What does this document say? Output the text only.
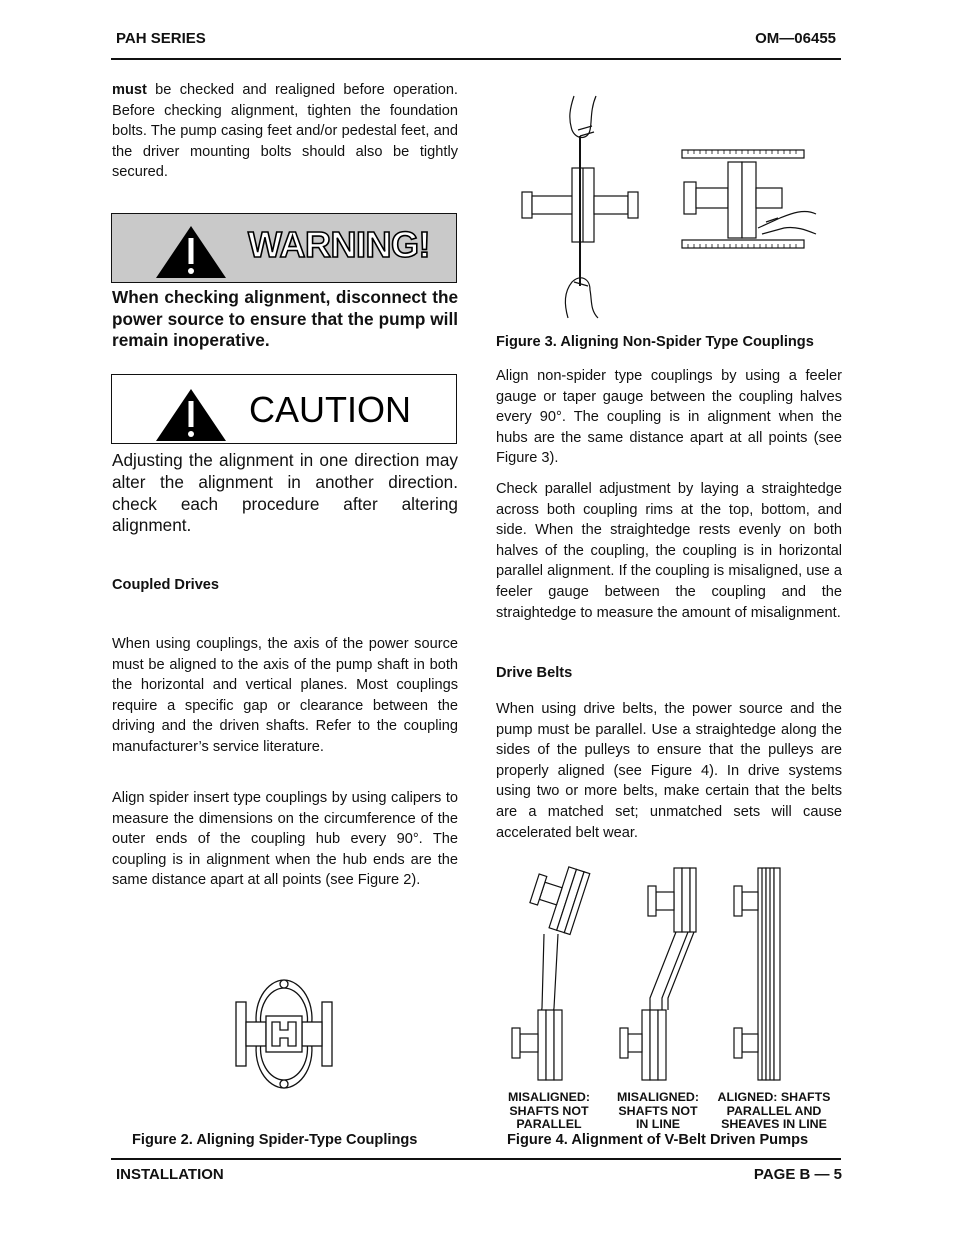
PAH SERIES	OM—06455

must be checked and realigned before operation. Before checking alignment, tighten the foundation bolts. The pump casing feet and/or pedestal feet, and the driver mounting bolts should also be tightly secured.

WARNING!
When checking alignment, disconnect the power source to ensure that the pump will remain inoperative.
CAUTION
Adjusting the alignment in one direction may alter the alignment in another direction. check each procedure after altering alignment.
Coupled Drives
When using couplings, the axis of the power source must be aligned to the axis of the pump shaft in both the horizontal and vertical planes. Most couplings require a specific gap or clearance between the driving and the driven shafts. Refer to the coupling manufacturer’s service literature.
Align spider insert type couplings by using calipers to measure the dimensions on the circumference of the outer ends of the coupling hub every 90°. The coupling is in alignment when the hub ends are the same distance apart at all points (see Figure 2).
Figure 2. Aligning Spider-Type Couplings
Figure 3. Aligning Non-Spider Type Couplings
Align non-spider type couplings by using a feeler gauge or taper gauge between the coupling halves every 90°. The coupling is in alignment when the hubs are the same distance apart at all points (see Figure 3).
Check parallel adjustment by laying a straightedge across both coupling rims at the top, bottom, and side. When the straightedge rests evenly on both halves of the coupling, the coupling is in horizontal parallel alignment. If the coupling is misaligned, use a feeler gauge between the coupling and the straightedge to measure the amount of misalignment.
Drive Belts
When using drive belts, the power source and the pump must be parallel. Use a straightedge along the sides of the pulleys to ensure that the pulleys are properly aligned (see Figure 4). In drive systems using two or more belts, make certain that the belts are a matched set; unmatched sets will cause accelerated belt wear.
MISALIGNED: SHAFTS NOT PARALLEL
MISALIGNED: SHAFTS NOT IN LINE
ALIGNED: SHAFTS PARALLEL AND SHEAVES IN LINE
Figure 4. Alignment of V-Belt Driven Pumps
INSTALLATION	PAGE B — 5
